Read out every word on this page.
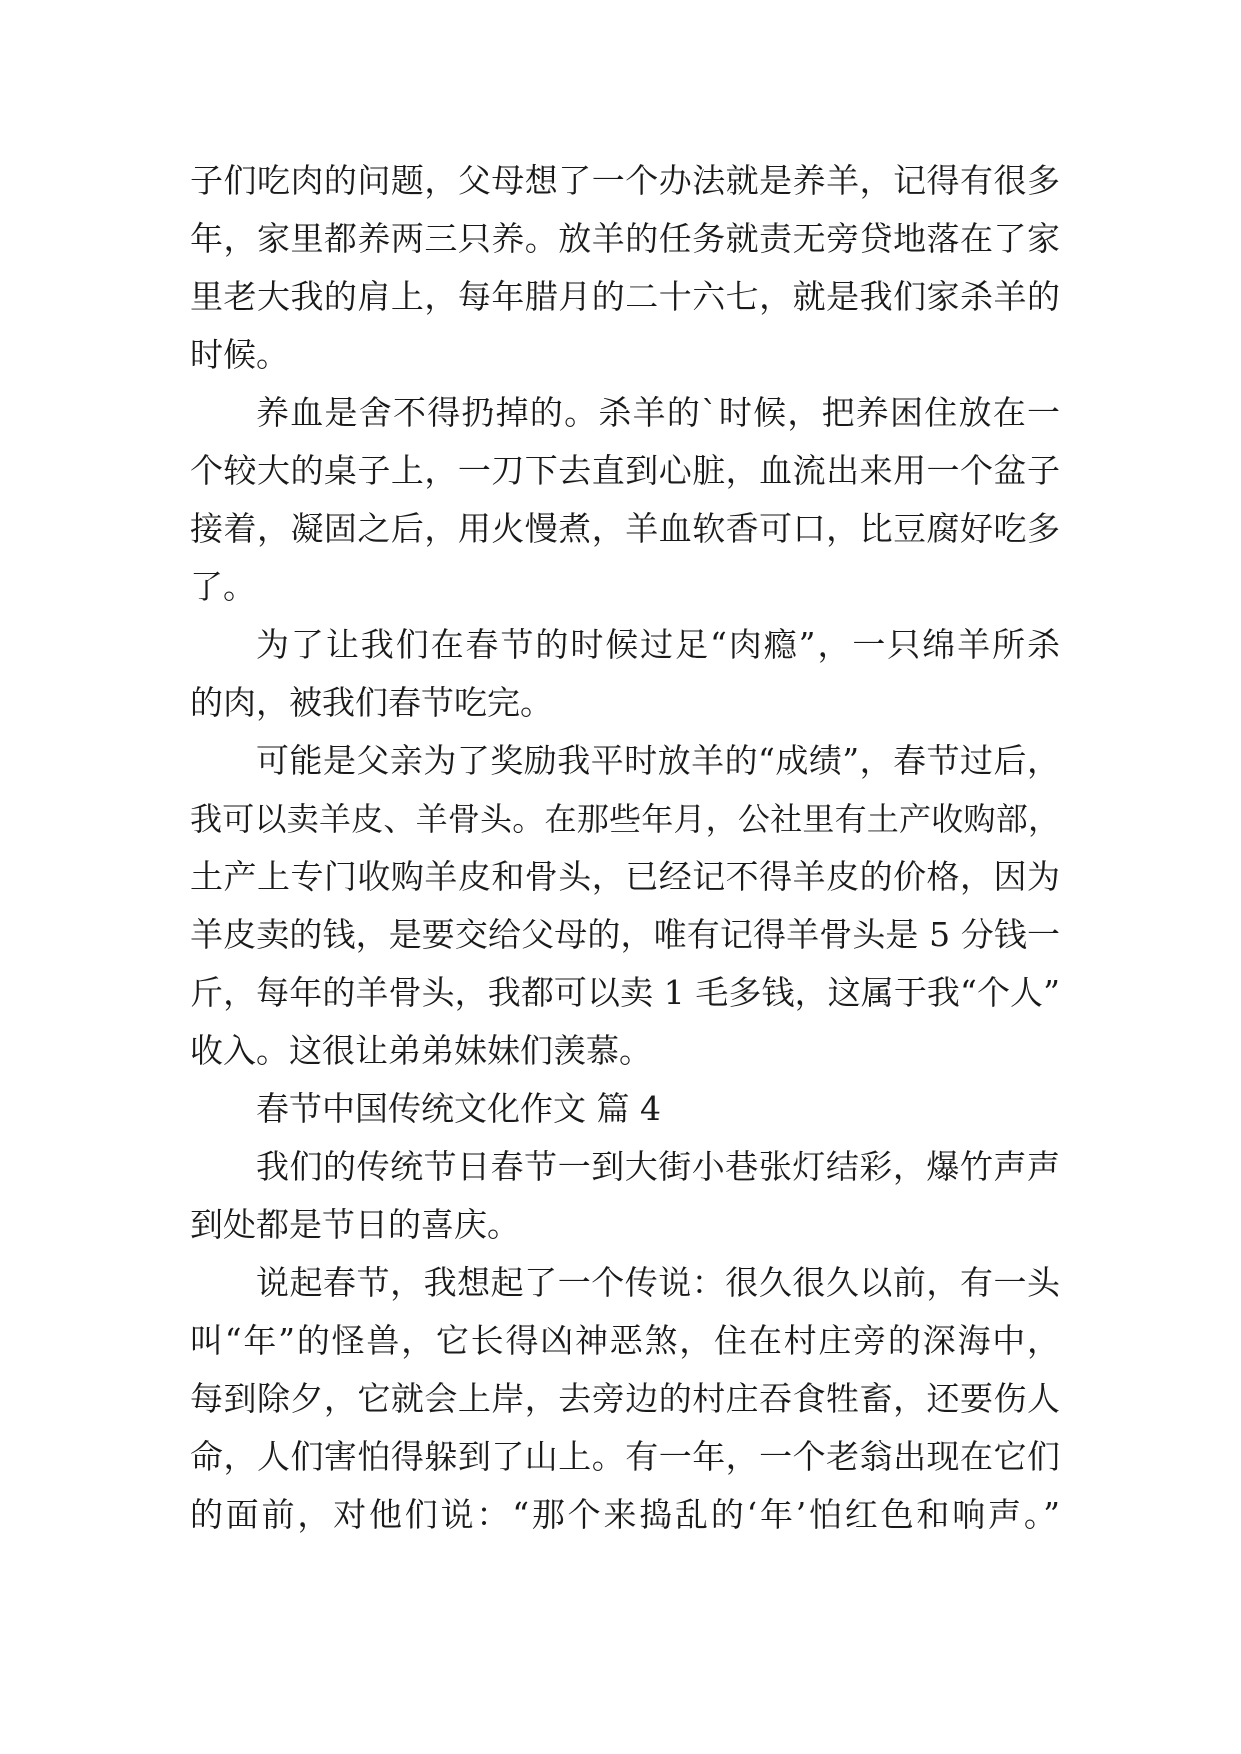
子们吃肉的问题，父母想了一个办法就是养羊，记得有很多
年，家里都养两三只养。放羊的任务就责无旁贷地落在了家
里老大我的肩上，每年腊月的二十六七，就是我们家杀羊的
时候。
养血是舍不得扔掉的。杀羊的`时候，把养困住放在一
个较大的桌子上，一刀下去直到心脏，血流出来用一个盆子
接着，凝固之后，用火慢煮，羊血软香可口，比豆腐好吃多
了。
为了让我们在春节的时候过足“肉瘾”，一只绵羊所杀
的肉，被我们春节吃完。
可能是父亲为了奖励我平时放羊的“成绩”，春节过后，
我可以卖羊皮、羊骨头。在那些年月，公社里有土产收购部，
土产上专门收购羊皮和骨头，已经记不得羊皮的价格，因为
羊皮卖的钱，是要交给父母的，唯有记得羊骨头是 5 分钱一
斤，每年的羊骨头，我都可以卖 1 毛多钱，这属于我“个人”
收入。这很让弟弟妹妹们羡慕。
春节中国传统文化作文 篇 4
我们的传统节日春节一到大街小巷张灯结彩，爆竹声声
到处都是节日的喜庆。
说起春节，我想起了一个传说：很久很久以前，有一头
叫“年”的怪兽，它长得凶神恶煞，住在村庄旁的深海中，
每到除夕，它就会上岸，去旁边的村庄吞食牲畜，还要伤人
命，人们害怕得躲到了山上。有一年，一个老翁出现在它们
的面前，对他们说：“那个来捣乱的‘年’怕红色和响声。”
